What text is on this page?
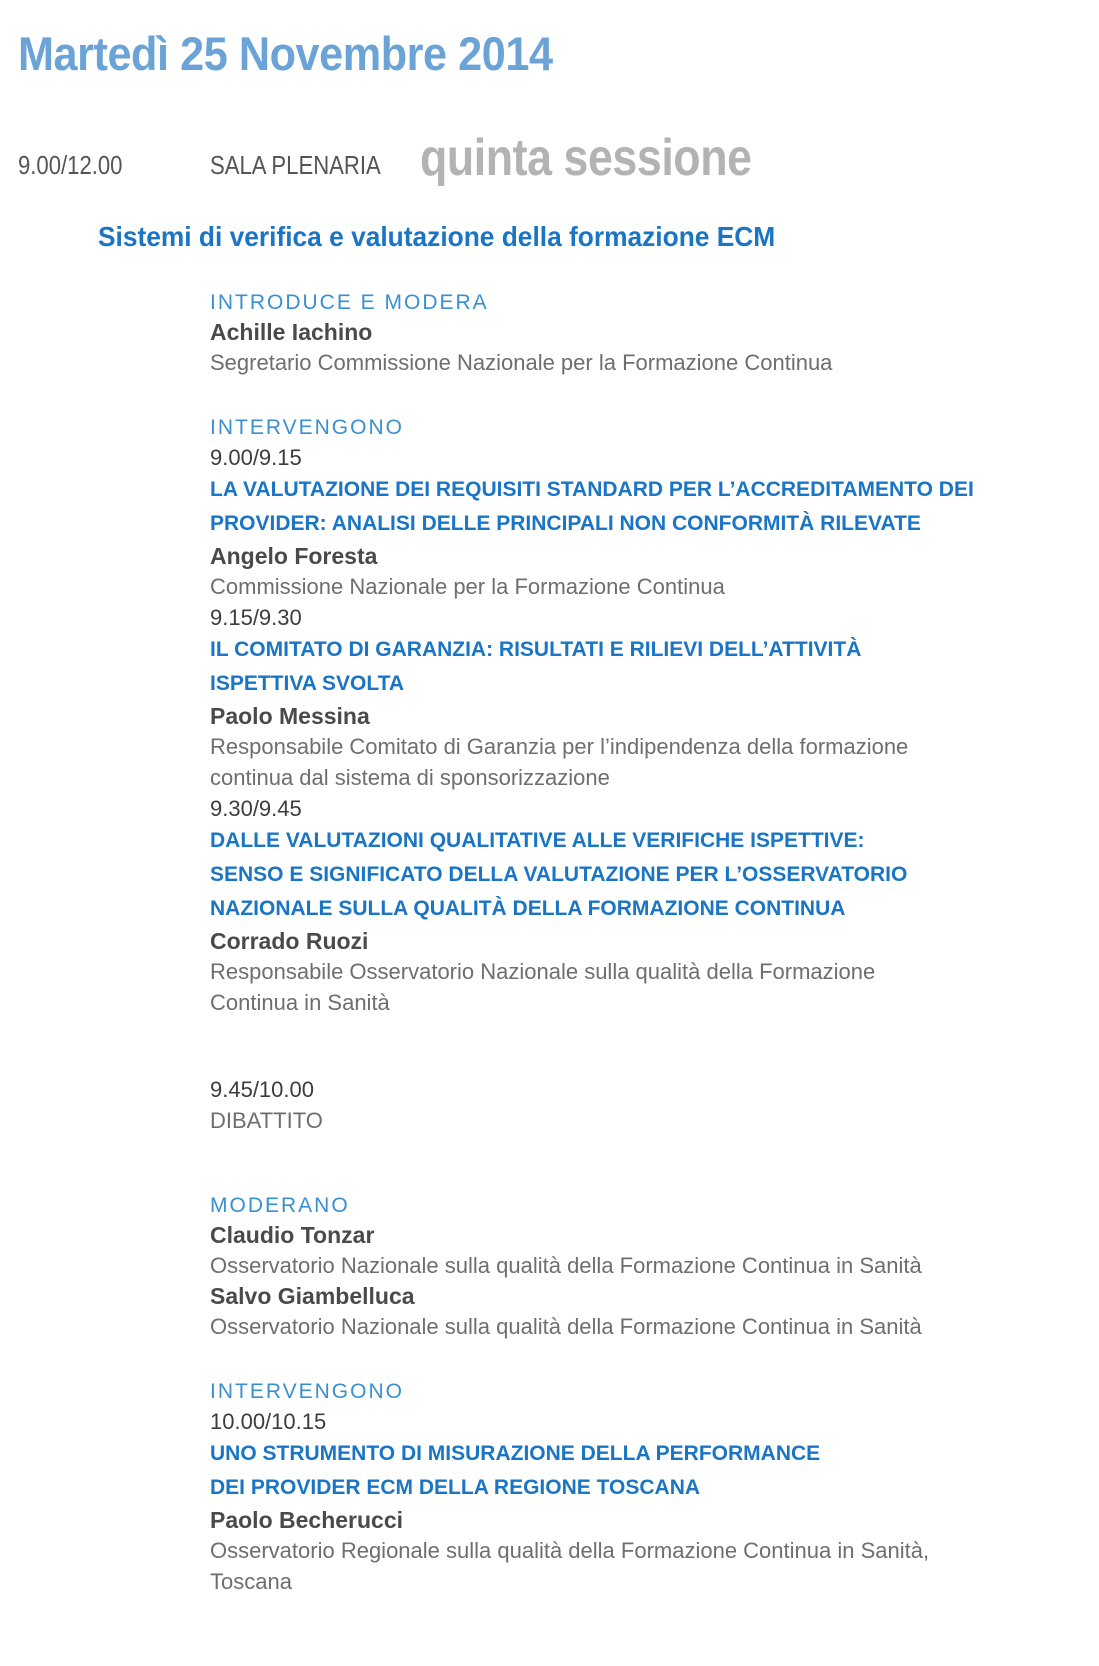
Martedì 25 Novembre 2014
9.00/12.00	SALA PLENARIA quinta sessione
Sistemi di verifica e valutazione della formazione ECM

INTRODUCE E MODERA

Achille Iachino

Segretario Commissione Nazionale per la Formazione Continua

INTERVENGONO

9.00/9.15

LA VALUTAZIONE DEI REQUISITI STANDARD PER L’ACCREDITAMENTO DEI
PROVIDER: ANALISI DELLE PRINCIPALI NON CONFORMITÀ RILEVATE

Angelo Foresta

Commissione Nazionale per la Formazione Continua

9.15/9.30

IL COMITATO DI GARANZIA: RISULTATI E RILIEVI DELL’ATTIVITÀ
ISPETTIVA SVOLTA

Paolo Messina

Responsabile Comitato di Garanzia per l’indipendenza della formazione
continua dal sistema di sponsorizzazione

9.30/9.45

DALLE VALUTAZIONI QUALITATIVE ALLE VERIFICHE ISPETTIVE:
SENSO E SIGNIFICATO DELLA VALUTAZIONE PER L’OSSERVATORIO
NAZIONALE SULLA QUALITÀ DELLA FORMAZIONE CONTINUA

Corrado Ruozi

Responsabile Osservatorio Nazionale sulla qualità della Formazione
Continua in Sanità

9.45/10.00

DIBATTITO

MODERANO

Claudio Tonzar

Osservatorio Nazionale sulla qualità della Formazione Continua in Sanità

Salvo Giambelluca

Osservatorio Nazionale sulla qualità della Formazione Continua in Sanità

INTERVENGONO

10.00/10.15

UNO STRUMENTO DI MISURAZIONE DELLA PERFORMANCE
DEI PROVIDER ECM DELLA REGIONE TOSCANA

Paolo Becherucci

Osservatorio Regionale sulla qualità della Formazione Continua in Sanità,
Toscana
